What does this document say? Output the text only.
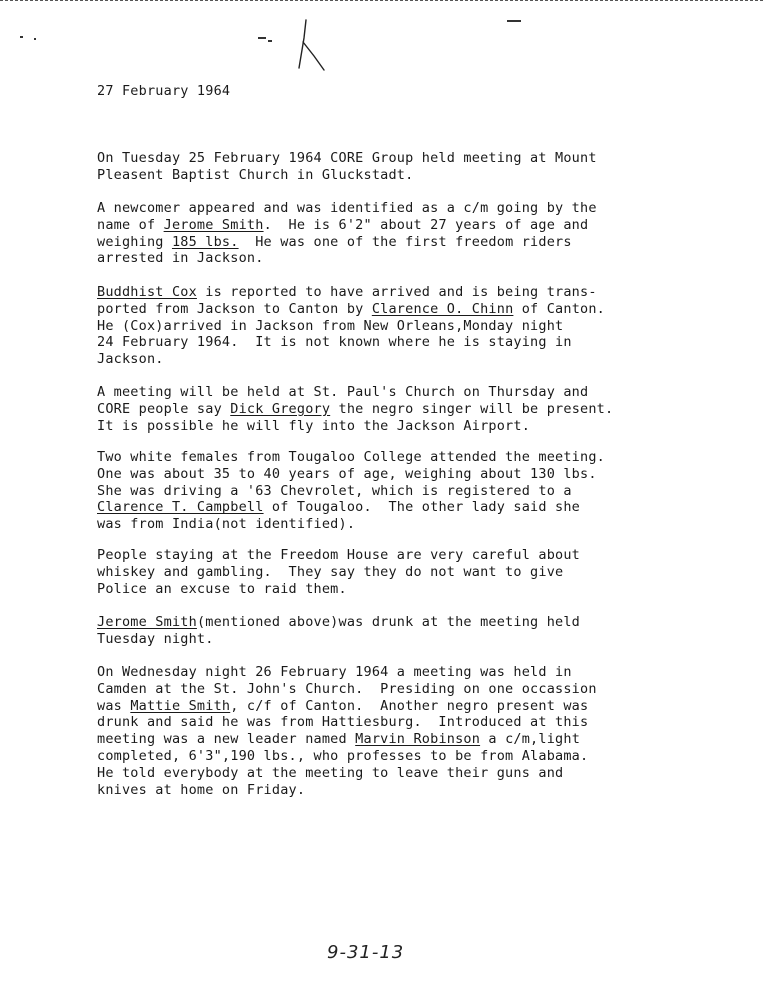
27 February 1964
On Tuesday 25 February 1964 CORE Group held meeting at Mount
Pleasent Baptist Church in Gluckstadt.
A newcomer appeared and was identified as a c/m going by the
name of Jerome Smith.  He is 6'2" about 27 years of age and
weighing 185 lbs.  He was one of the first freedom riders
arrested in Jackson.
Buddhist Cox is reported to have arrived and is being trans-
ported from Jackson to Canton by Clarence O. Chinn of Canton.
He (Cox)arrived in Jackson from New Orleans,Monday night
24 February 1964.  It is not known where he is staying in
Jackson.
A meeting will be held at St. Paul's Church on Thursday and
CORE people say Dick Gregory the negro singer will be present.
It is possible he will fly into the Jackson Airport.
Two white females from Tougaloo College attended the meeting.
One was about 35 to 40 years of age, weighing about 130 lbs.
She was driving a '63 Chevrolet, which is registered to a
Clarence T. Campbell of Tougaloo.  The other lady said she
was from India(not identified).
People staying at the Freedom House are very careful about
whiskey and gambling.  They say they do not want to give
Police an excuse to raid them.
Jerome Smith(mentioned above)was drunk at the meeting held
Tuesday night.
On Wednesday night 26 February 1964 a meeting was held in
Camden at the St. John's Church.  Presiding on one occassion
was Mattie Smith, c/f of Canton.  Another negro present was
drunk and said he was from Hattiesburg.  Introduced at this
meeting was a new leader named Marvin Robinson a c/m,light
completed, 6'3",190 lbs., who professes to be from Alabama.
He told everybody at the meeting to leave their guns and
knives at home on Friday.
9-31-13
